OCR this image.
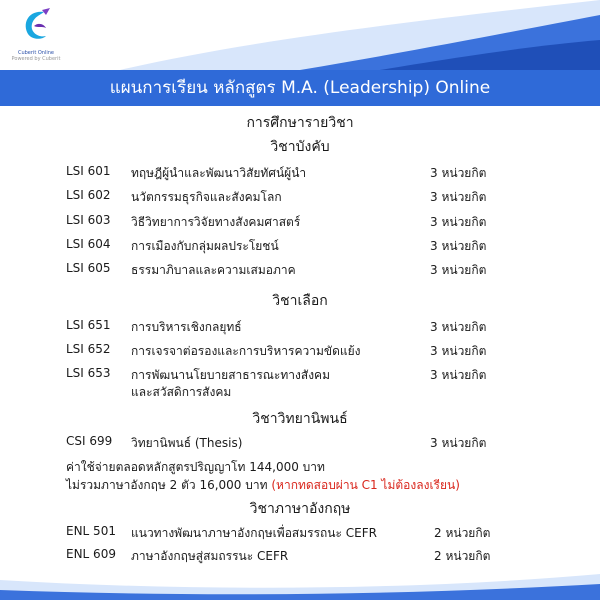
Cuberit Online
Powered by Cuberit
แผนการเรียน หลักสูตร M.A. (Leadership) Online
การศึกษารายวิชา
วิชาบังคับ
LSI 601 ทฤษฎีผู้นำและพัฒนาวิสัยทัศน์ผู้นำ	3 หน่วยกิต
LSI 602 นวัตกรรมธุรกิจและสังคมโลก	3 หน่วยกิต
LSI 603 วิธีวิทยาการวิจัยทางสังคมศาสตร์	3 หน่วยกิต
LSI 604 การเมืองกับกลุ่มผลประโยชน์	3 หน่วยกิต
LSI 605 ธรรมาภิบาลและความเสมอภาค	3 หน่วยกิต
วิชาเลือก
LSI 651 การบริหารเชิงกลยุทธ์	3 หน่วยกิต
LSI 652 การเจรจาต่อรองและการบริหารความขัดแย้ง	3 หน่วยกิต
LSI 653 การพัฒนานโยบายสาธารณะทางสังคม	3 หน่วยกิต
และสวัสดิการสังคม
วิชาวิทยานิพนธ์
CSI 699 วิทยานิพนธ์ (Thesis)	3 หน่วยกิต
ค่าใช้จ่ายตลอดหลักสูตรปริญญาโท 144,000 บาท
ไม่รวมภาษาอังกฤษ 2 ตัว 16,000 บาท (หากทดสอบผ่าน C1 ไม่ต้องลงเรียน)
วิชาภาษาอังกฤษ
ENL 501 แนวทางพัฒนาภาษาอังกฤษเพื่อสมรรถนะ CEFR	2 หน่วยกิต
ENL 609 ภาษาอังกฤษสู่สมถรรนะ CEFR	2 หน่วยกิต
